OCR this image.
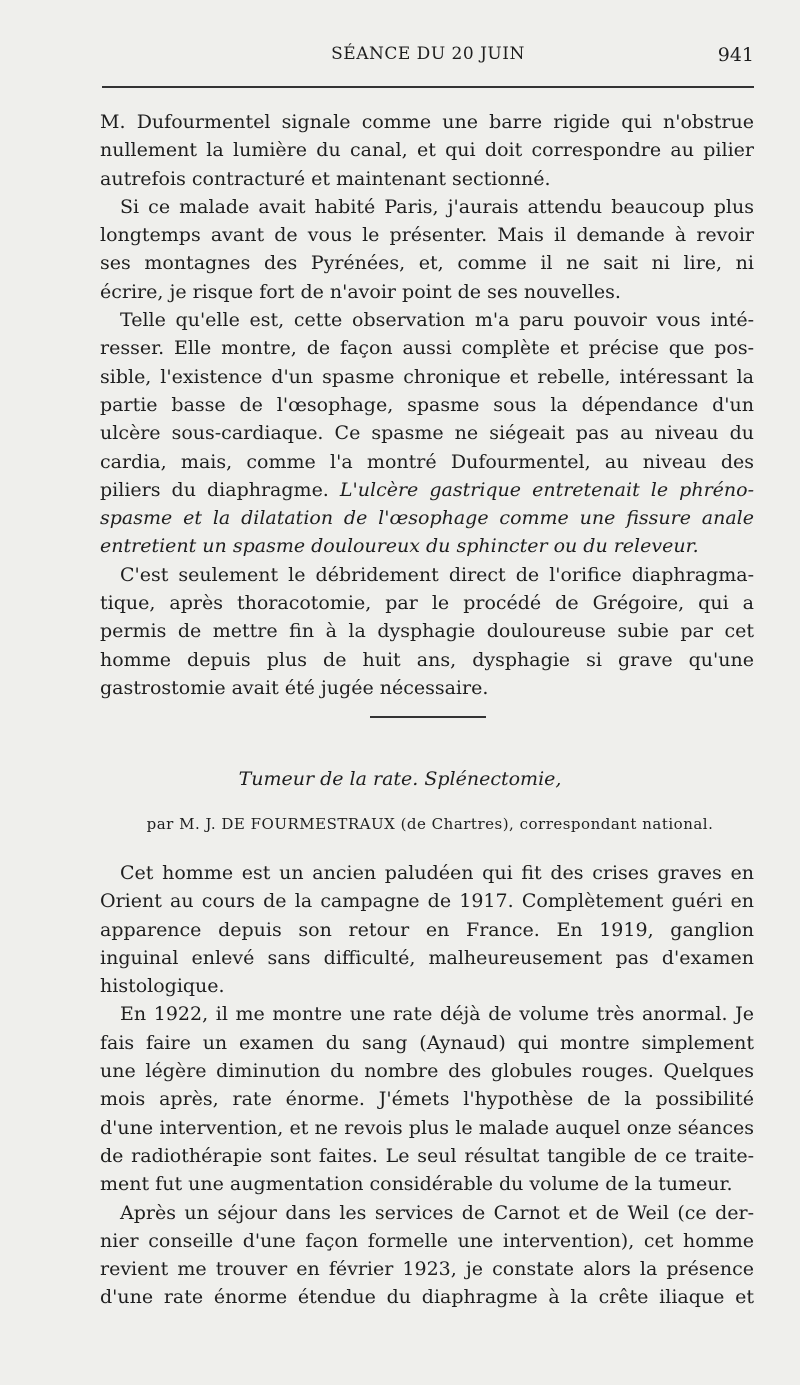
SÉANCE DU 20 JUIN	941
M. Dufourmentel signale comme une barre rigide qui n'obstrue
nullement la lumière du canal, et qui doit correspondre au pilier
autrefois contracturé et maintenant sectionné.
Si ce malade avait habité Paris, j'aurais attendu beaucoup plus
longtemps avant de vous le présenter. Mais il demande à revoir
ses montagnes des Pyrénées, et, comme il ne sait ni lire, ni
écrire, je risque fort de n'avoir point de ses nouvelles.
Telle qu'elle est, cette observation m'a paru pouvoir vous inté-
resser. Elle montre, de façon aussi complète et précise que pos-
sible, l'existence d'un spasme chronique et rebelle, intéressant la
partie basse de l'œsophage, spasme sous la dépendance d'un
ulcère sous-cardiaque. Ce spasme ne siégeait pas au niveau du
cardia, mais, comme l'a montré Dufourmentel, au niveau des
piliers du diaphragme. L'ulcère gastrique entretenait le phréno-
spasme et la dilatation de l'œsophage comme une fissure anale
entretient un spasme douloureux du sphincter ou du releveur.
C'est seulement le débridement direct de l'orifice diaphragma-
tique, après thoracotomie, par le procédé de Grégoire, qui a
permis de mettre fin à la dysphagie douloureuse subie par cet
homme depuis plus de huit ans, dysphagie si grave qu'une
gastrostomie avait été jugée nécessaire.
Tumeur de la rate. Splénectomie,
par M. J. DE FOURMESTRAUX (de Chartres), correspondant national.
Cet homme est un ancien paludéen qui fit des crises graves en
Orient au cours de la campagne de 1917. Complètement guéri en
apparence depuis son retour en France. En 1919, ganglion
inguinal enlevé sans difficulté, malheureusement pas d'examen
histologique.
En 1922, il me montre une rate déjà de volume très anormal. Je
fais faire un examen du sang (Aynaud) qui montre simplement
une légère diminution du nombre des globules rouges. Quelques
mois après, rate énorme. J'émets l'hypothèse de la possibilité
d'une intervention, et ne revois plus le malade auquel onze séances
de radiothérapie sont faites. Le seul résultat tangible de ce traite-
ment fut une augmentation considérable du volume de la tumeur.
Après un séjour dans les services de Carnot et de Weil (ce der-
nier conseille d'une façon formelle une intervention), cet homme
revient me trouver en février 1923, je constate alors la présence
d'une rate énorme étendue du diaphragme à la crête iliaque et
